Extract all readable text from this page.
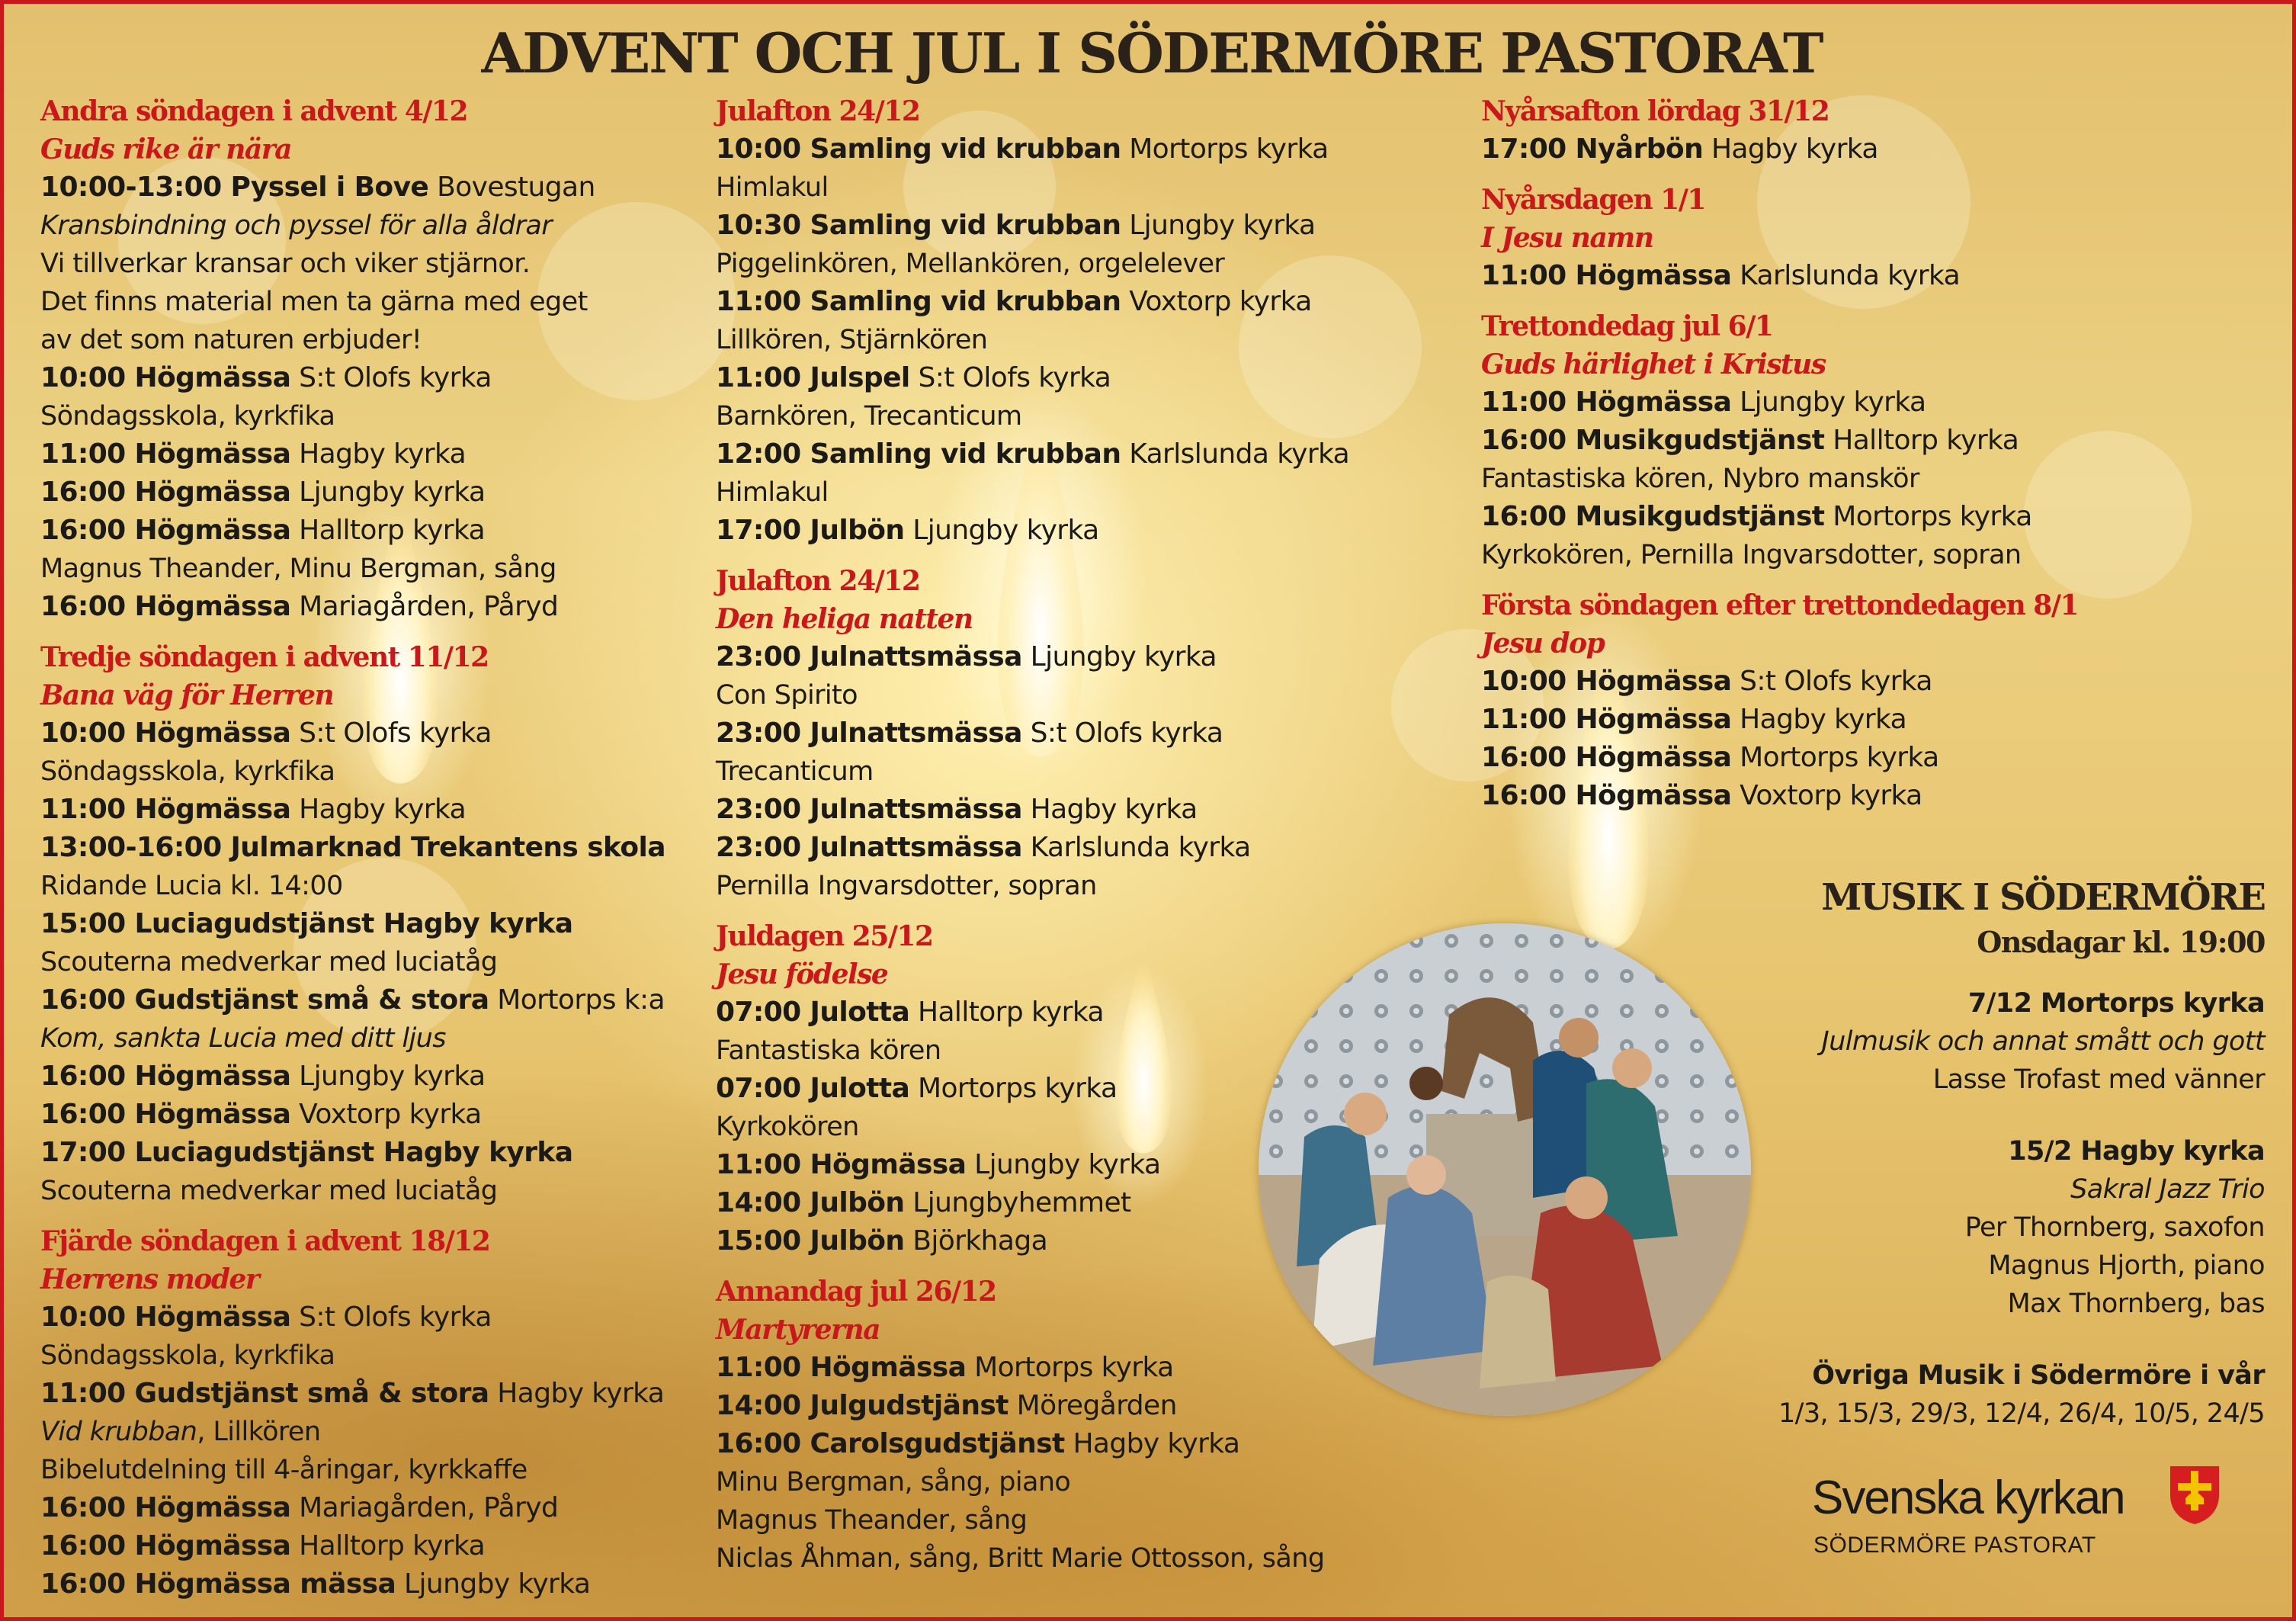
ADVENT OCH JUL I SÖDERMÖRE PASTORAT
Andra söndagen i advent 4/12
Guds rike är nära
10:00-13:00 Pyssel i Bove Bovestugan
Kransbindning och pyssel för alla åldrar
Vi tillverkar kransar och viker stjärnor.
Det finns material men ta gärna med eget
av det som naturen erbjuder!
10:00 Högmässa S:t Olofs kyrka
Söndagsskola, kyrkfika
11:00 Högmässa Hagby kyrka
16:00 Högmässa Ljungby kyrka
16:00 Högmässa Halltorp kyrka
Magnus Theander, Minu Bergman, sång
16:00 Högmässa Mariagården, Påryd
Tredje söndagen i advent 11/12
Bana väg för Herren
10:00 Högmässa S:t Olofs kyrka
Söndagsskola, kyrkfika
11:00 Högmässa Hagby kyrka
13:00-16:00 Julmarknad Trekantens skola
Ridande Lucia kl. 14:00
15:00 Luciagudstjänst Hagby kyrka
Scouterna medverkar med luciatåg
16:00 Gudstjänst små & stora Mortorps k:a
Kom, sankta Lucia med ditt ljus
16:00 Högmässa Ljungby kyrka
16:00 Högmässa Voxtorp kyrka
17:00 Luciagudstjänst Hagby kyrka
Scouterna medverkar med luciatåg
Fjärde söndagen i advent 18/12
Herrens moder
10:00 Högmässa S:t Olofs kyrka
Söndagsskola, kyrkfika
11:00 Gudstjänst små & stora Hagby kyrka
Vid krubban, Lillkören
Bibelutdelning till 4-åringar, kyrkkaffe
16:00 Högmässa Mariagården, Påryd
16:00 Högmässa Halltorp kyrka
16:00 Högmässa mässa Ljungby kyrka
Julafton 24/12
10:00 Samling vid krubban Mortorps kyrka
Himlakul
10:30 Samling vid krubban Ljungby kyrka
Piggelinkören, Mellankören, orgelelever
11:00 Samling vid krubban Voxtorp kyrka
Lillkören, Stjärnkören
11:00 Julspel S:t Olofs kyrka
Barnkören, Trecanticum
12:00 Samling vid krubban Karlslunda kyrka
Himlakul
17:00 Julbön Ljungby kyrka
Julafton 24/12
Den heliga natten
23:00 Julnattsmässa Ljungby kyrka
Con Spirito
23:00 Julnattsmässa S:t Olofs kyrka
Trecanticum
23:00 Julnattsmässa Hagby kyrka
23:00 Julnattsmässa Karlslunda kyrka
Pernilla Ingvarsdotter, sopran
Juldagen 25/12
Jesu födelse
07:00 Julotta Halltorp kyrka
Fantastiska kören
07:00 Julotta Mortorps kyrka
Kyrkokören
11:00 Högmässa Ljungby kyrka
14:00 Julbön Ljungbyhemmet
15:00 Julbön Björkhaga
Annandag jul 26/12
Martyrerna
11:00 Högmässa Mortorps kyrka
14:00 Julgudstjänst Möregården
16:00 Carolsgudstjänst Hagby kyrka
Minu Bergman, sång, piano
Magnus Theander, sång
Niclas Åhman, sång, Britt Marie Ottosson, sång
Nyårsafton lördag 31/12
17:00 Nyårbön Hagby kyrka
Nyårsdagen 1/1
I Jesu namn
11:00 Högmässa Karlslunda kyrka
Trettondedag jul 6/1
Guds härlighet i Kristus
11:00 Högmässa Ljungby kyrka
16:00 Musikgudstjänst Halltorp kyrka
Fantastiska kören, Nybro manskör
16:00 Musikgudstjänst Mortorps kyrka
Kyrkokören, Pernilla Ingvarsdotter, sopran
Första söndagen efter trettondedagen 8/1
Jesu dop
10:00 Högmässa S:t Olofs kyrka
11:00 Högmässa Hagby kyrka
16:00 Högmässa Mortorps kyrka
16:00 Högmässa Voxtorp kyrka
MUSIK I SÖDERMÖRE
Onsdagar kl. 19:00
7/12 Mortorps kyrka
Julmusik och annat smått och gott
Lasse Trofast med vänner
15/2 Hagby kyrka
Sakral Jazz Trio
Per Thornberg, saxofon
Magnus Hjorth, piano
Max Thornberg, bas
Övriga Musik i Södermöre i vår
1/3, 15/3, 29/3, 12/4, 26/4, 10/5, 24/5
Svenska kyrkan
SÖDERMÖRE PASTORAT
